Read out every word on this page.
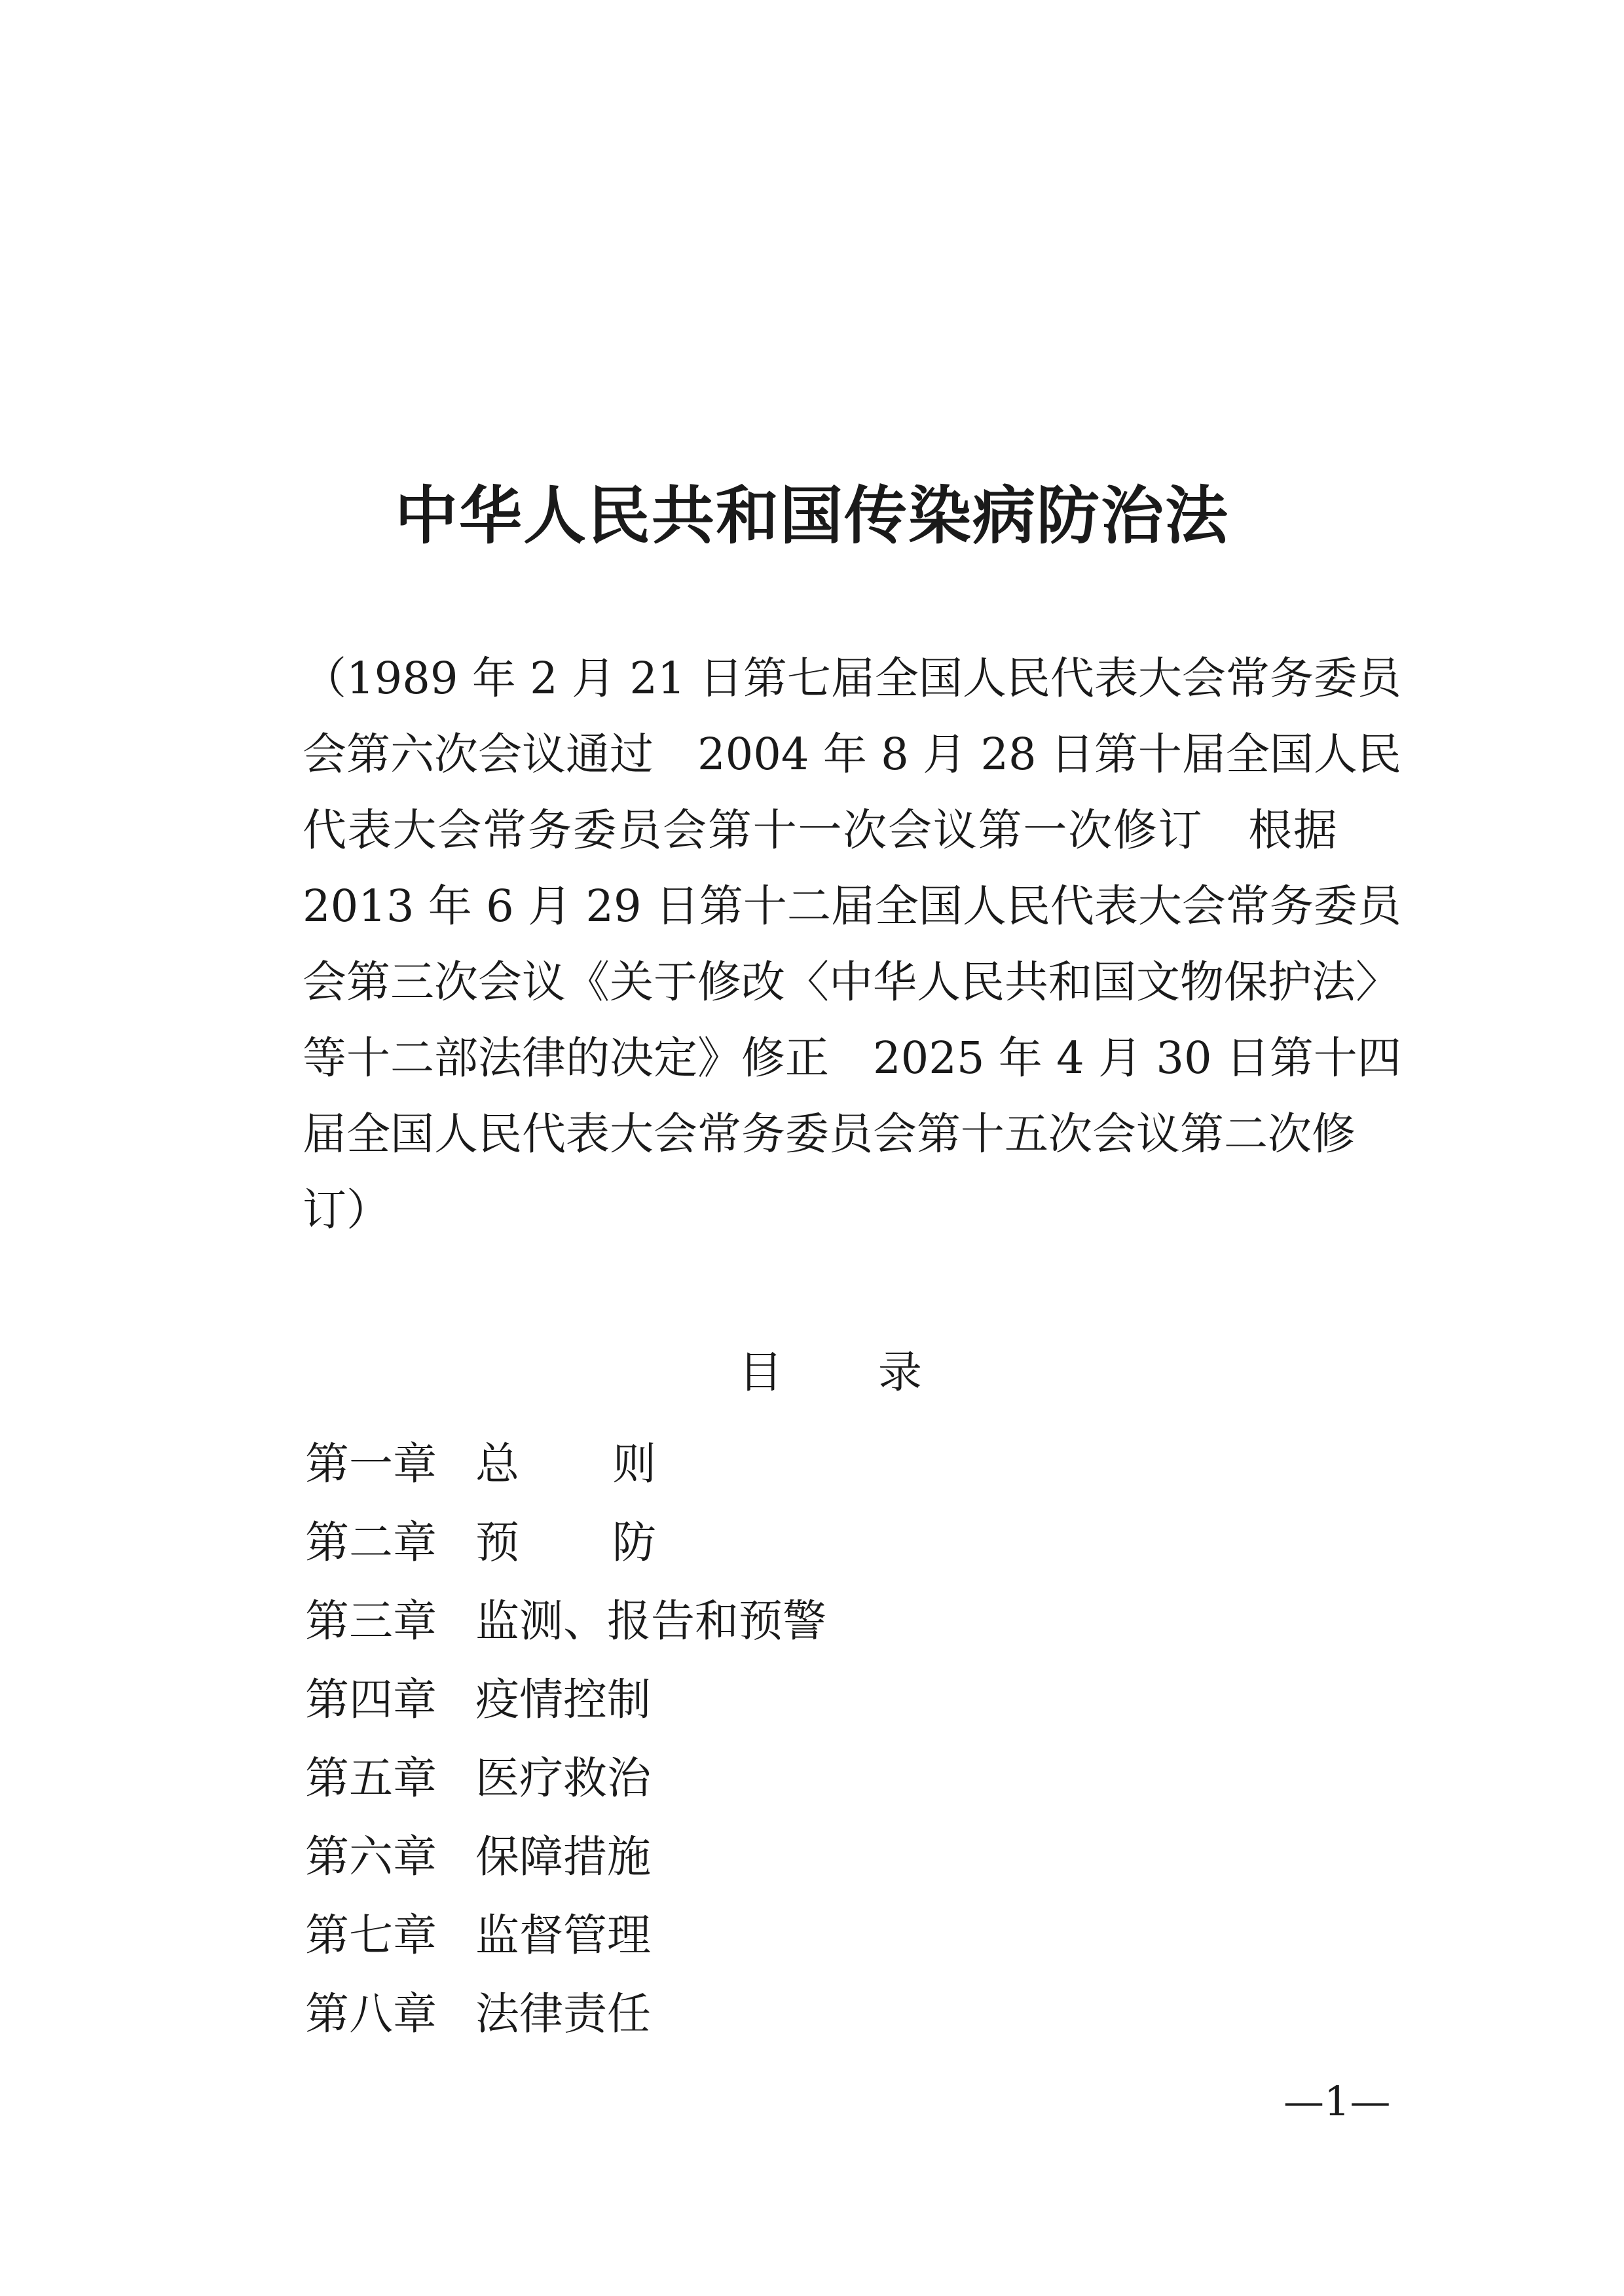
中华人民共和国传染病防治法
（1989 年 2 月 21 日第七届全国人民代表大会常务委员
会第六次会议通过　2004 年 8 月 28 日第十届全国人民
代表大会常务委员会第十一次会议第一次修订　根据
2013 年 6 月 29 日第十二届全国人民代表大会常务委员
会第三次会议《关于修改〈中华人民共和国文物保护法〉
等十二部法律的决定》修正　2025 年 4 月 30 日第十四
届全国人民代表大会常务委员会第十五次会议第二次修
订）
目　录
第一章 总　则
第二章 预　防
第三章 监测、报告和预警
第四章 疫情控制
第五章 医疗救治
第六章 保障措施
第七章 监督管理
第八章 法律责任
—1—
